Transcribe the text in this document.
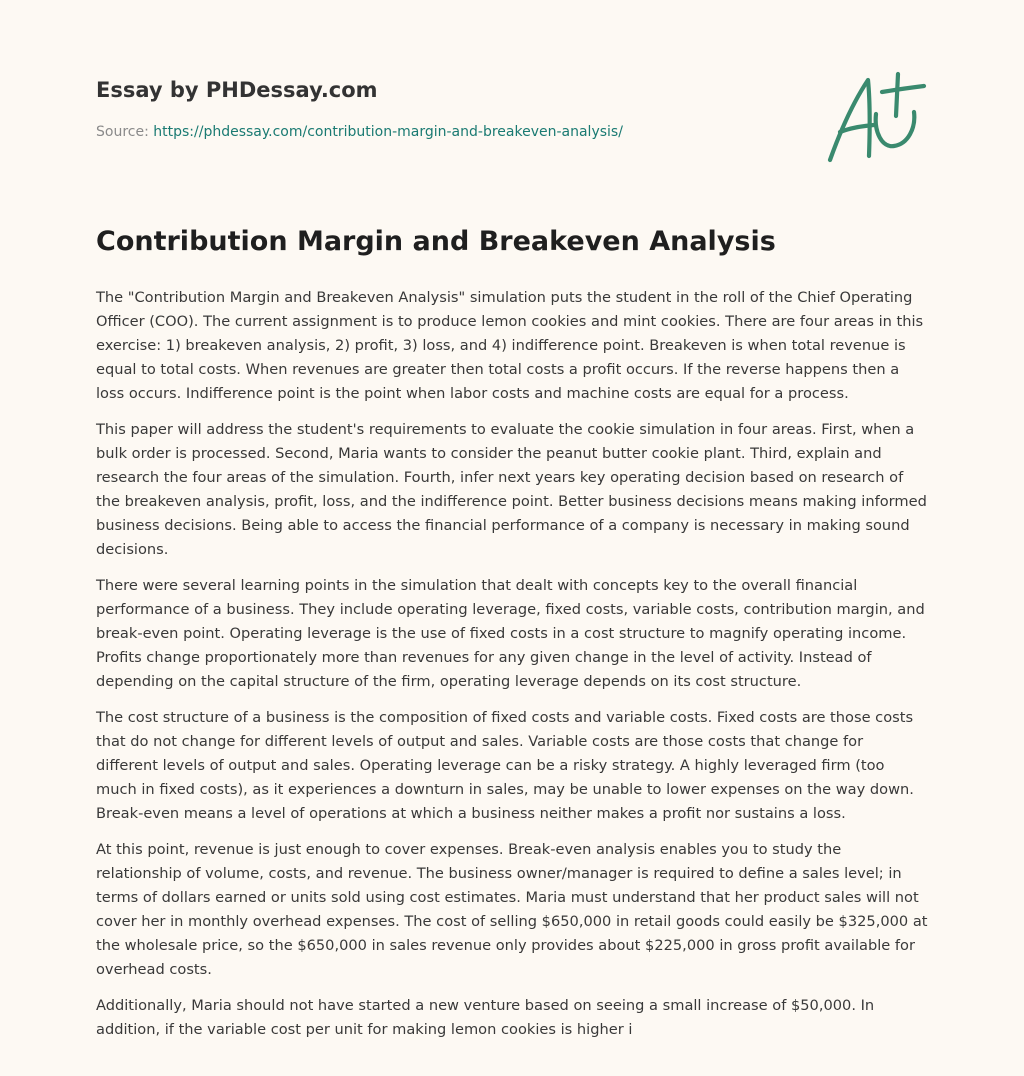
Essay by PHDessay.com
Source: https://phdessay.com/contribution-margin-and-breakeven-analysis/
Contribution Margin and Breakeven Analysis

The "Contribution Margin and Breakeven Analysis" simulation puts the student in the roll of the Chief Operating Officer (COO). The current assignment is to produce lemon cookies and mint cookies. There are four areas in this exercise: 1) breakeven analysis, 2) profit, 3) loss, and 4) indifference point. Breakeven is when total revenue is equal to total costs. When revenues are greater then total costs a profit occurs. If the reverse happens then a loss occurs. Indifference point is the point when labor costs and machine costs are equal for a process.

This paper will address the student's requirements to evaluate the cookie simulation in four areas. First, when a bulk order is processed. Second, Maria wants to consider the peanut butter cookie plant. Third, explain and research the four areas of the simulation. Fourth, infer next years key operating decision based on research of the breakeven analysis, profit, loss, and the indifference point. Better business decisions means making informed business decisions. Being able to access the financial performance of a company is necessary in making sound decisions.

There were several learning points in the simulation that dealt with concepts key to the overall financial performance of a business. They include operating leverage, fixed costs, variable costs, contribution margin, and break-even point. Operating leverage is the use of fixed costs in a cost structure to magnify operating income. Profits change proportionately more than revenues for any given change in the level of activity. Instead of depending on the capital structure of the firm, operating leverage depends on its cost structure.

The cost structure of a business is the composition of fixed costs and variable costs. Fixed costs are those costs that do not change for different levels of output and sales. Variable costs are those costs that change for different levels of output and sales. Operating leverage can be a risky strategy. A highly leveraged firm (too much in fixed costs), as it experiences a downturn in sales, may be unable to lower expenses on the way down. Break-even means a level of operations at which a business neither makes a profit nor sustains a loss.

At this point, revenue is just enough to cover expenses. Break-even analysis enables you to study the relationship of volume, costs, and revenue. The business owner/manager is required to define a sales level; in terms of dollars earned or units sold using cost estimates. Maria must understand that her product sales will not cover her in monthly overhead expenses. The cost of selling $650,000 in retail goods could easily be $325,000 at the wholesale price, so the $650,000 in sales revenue only provides about $225,000 in gross profit available for overhead costs.

Additionally, Maria should not have started a new venture based on seeing a small increase of $50,000. In addition, if the variable cost per unit for making lemon cookies is higher i
